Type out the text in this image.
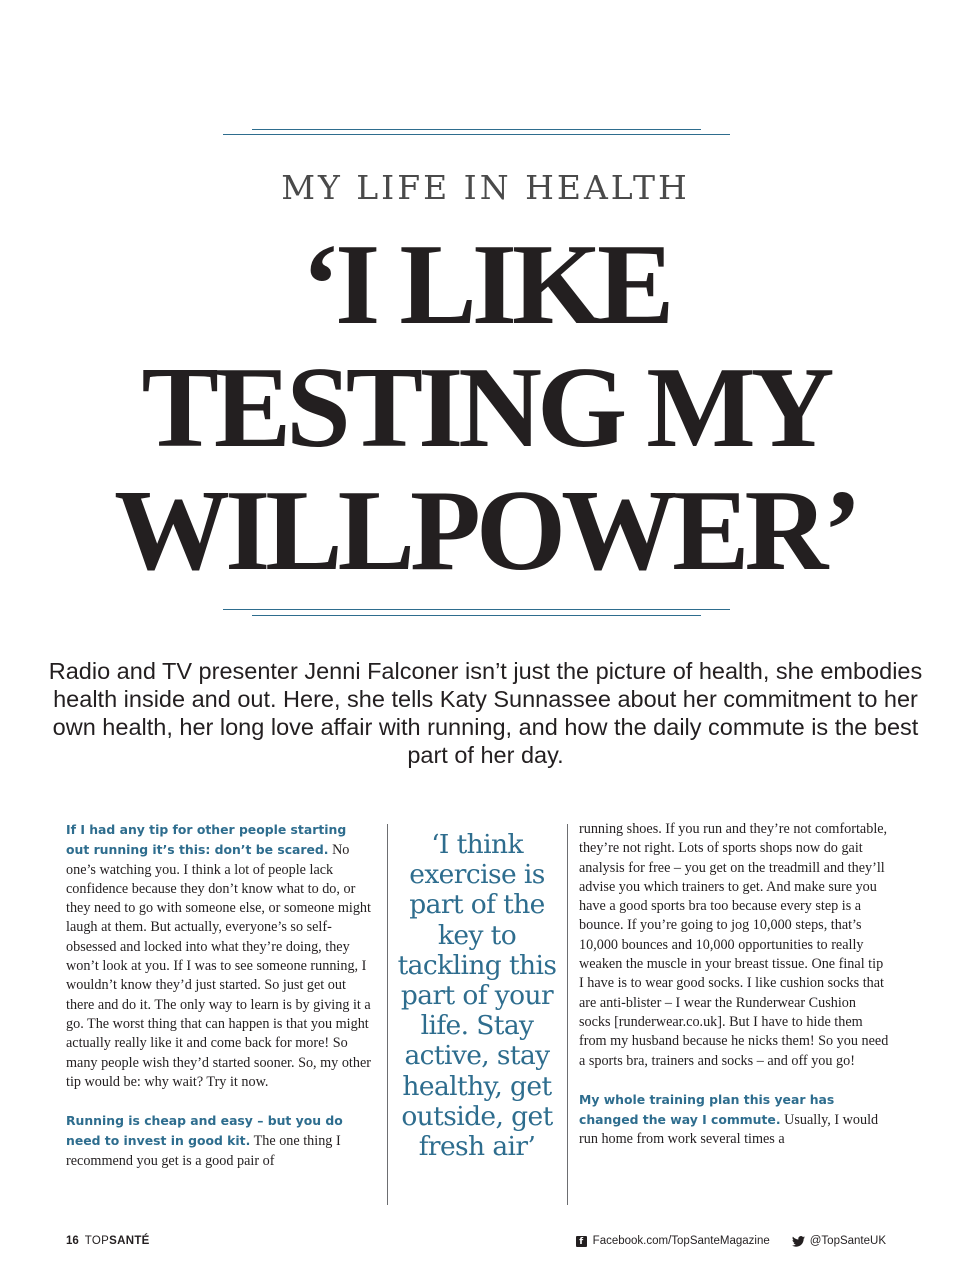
MY LIFE IN HEALTH
‘I LIKE
TESTING MY
WILLPOWER’

Radio and TV presenter Jenni Falconer isn’t just the picture of health, she embodies health inside and out. Here, she tells Katy Sunnassee about her commitment to her own health, her long love affair with running, and how the daily commute is the best part of her day.

If I had any tip for other people starting out running it’s this: don’t be scared. No one’s watching you. I think a lot of people lack confidence because they don’t know what to do, or they need to go with someone else, or someone might laugh at them. But actually, everyone’s so self-obsessed and locked into what they’re doing, they won’t look at you. If I was to see someone running, I wouldn’t know they’d just started. So just get out there and do it. The only way to learn is by giving it a go. The worst thing that can happen is that you might actually really like it and come back for more! So many people wish they’d started sooner. So, my other tip would be: why wait? Try it now.

Running is cheap and easy – but you do need to invest in good kit. The one thing I recommend you get is a good pair of

‘I think exercise is part of the key to tackling this part of your life. Stay active, stay healthy, get outside, get fresh air’

running shoes. If you run and they’re not comfortable, they’re not right. Lots of sports shops now do gait analysis for free – you get on the treadmill and they’ll advise you which trainers to get. And make sure you have a good sports bra too because every step is a bounce. If you’re going to jog 10,000 steps, that’s 10,000 bounces and 10,000 opportunities to really weaken the muscle in your breast tissue. One final tip I have is to wear good socks. I like cushion socks that are anti-blister – I wear the Runderwear Cushion socks [runderwear.co.uk]. But I have to hide them from my husband because he nicks them! So you need a sports bra, trainers and socks – and off you go!

My whole training plan this year has changed the way I commute. Usually, I would run home from work several times a

16 TOPSANTÉ	f Facebook.com/TopSanteMagazine	@TopSanteUK
